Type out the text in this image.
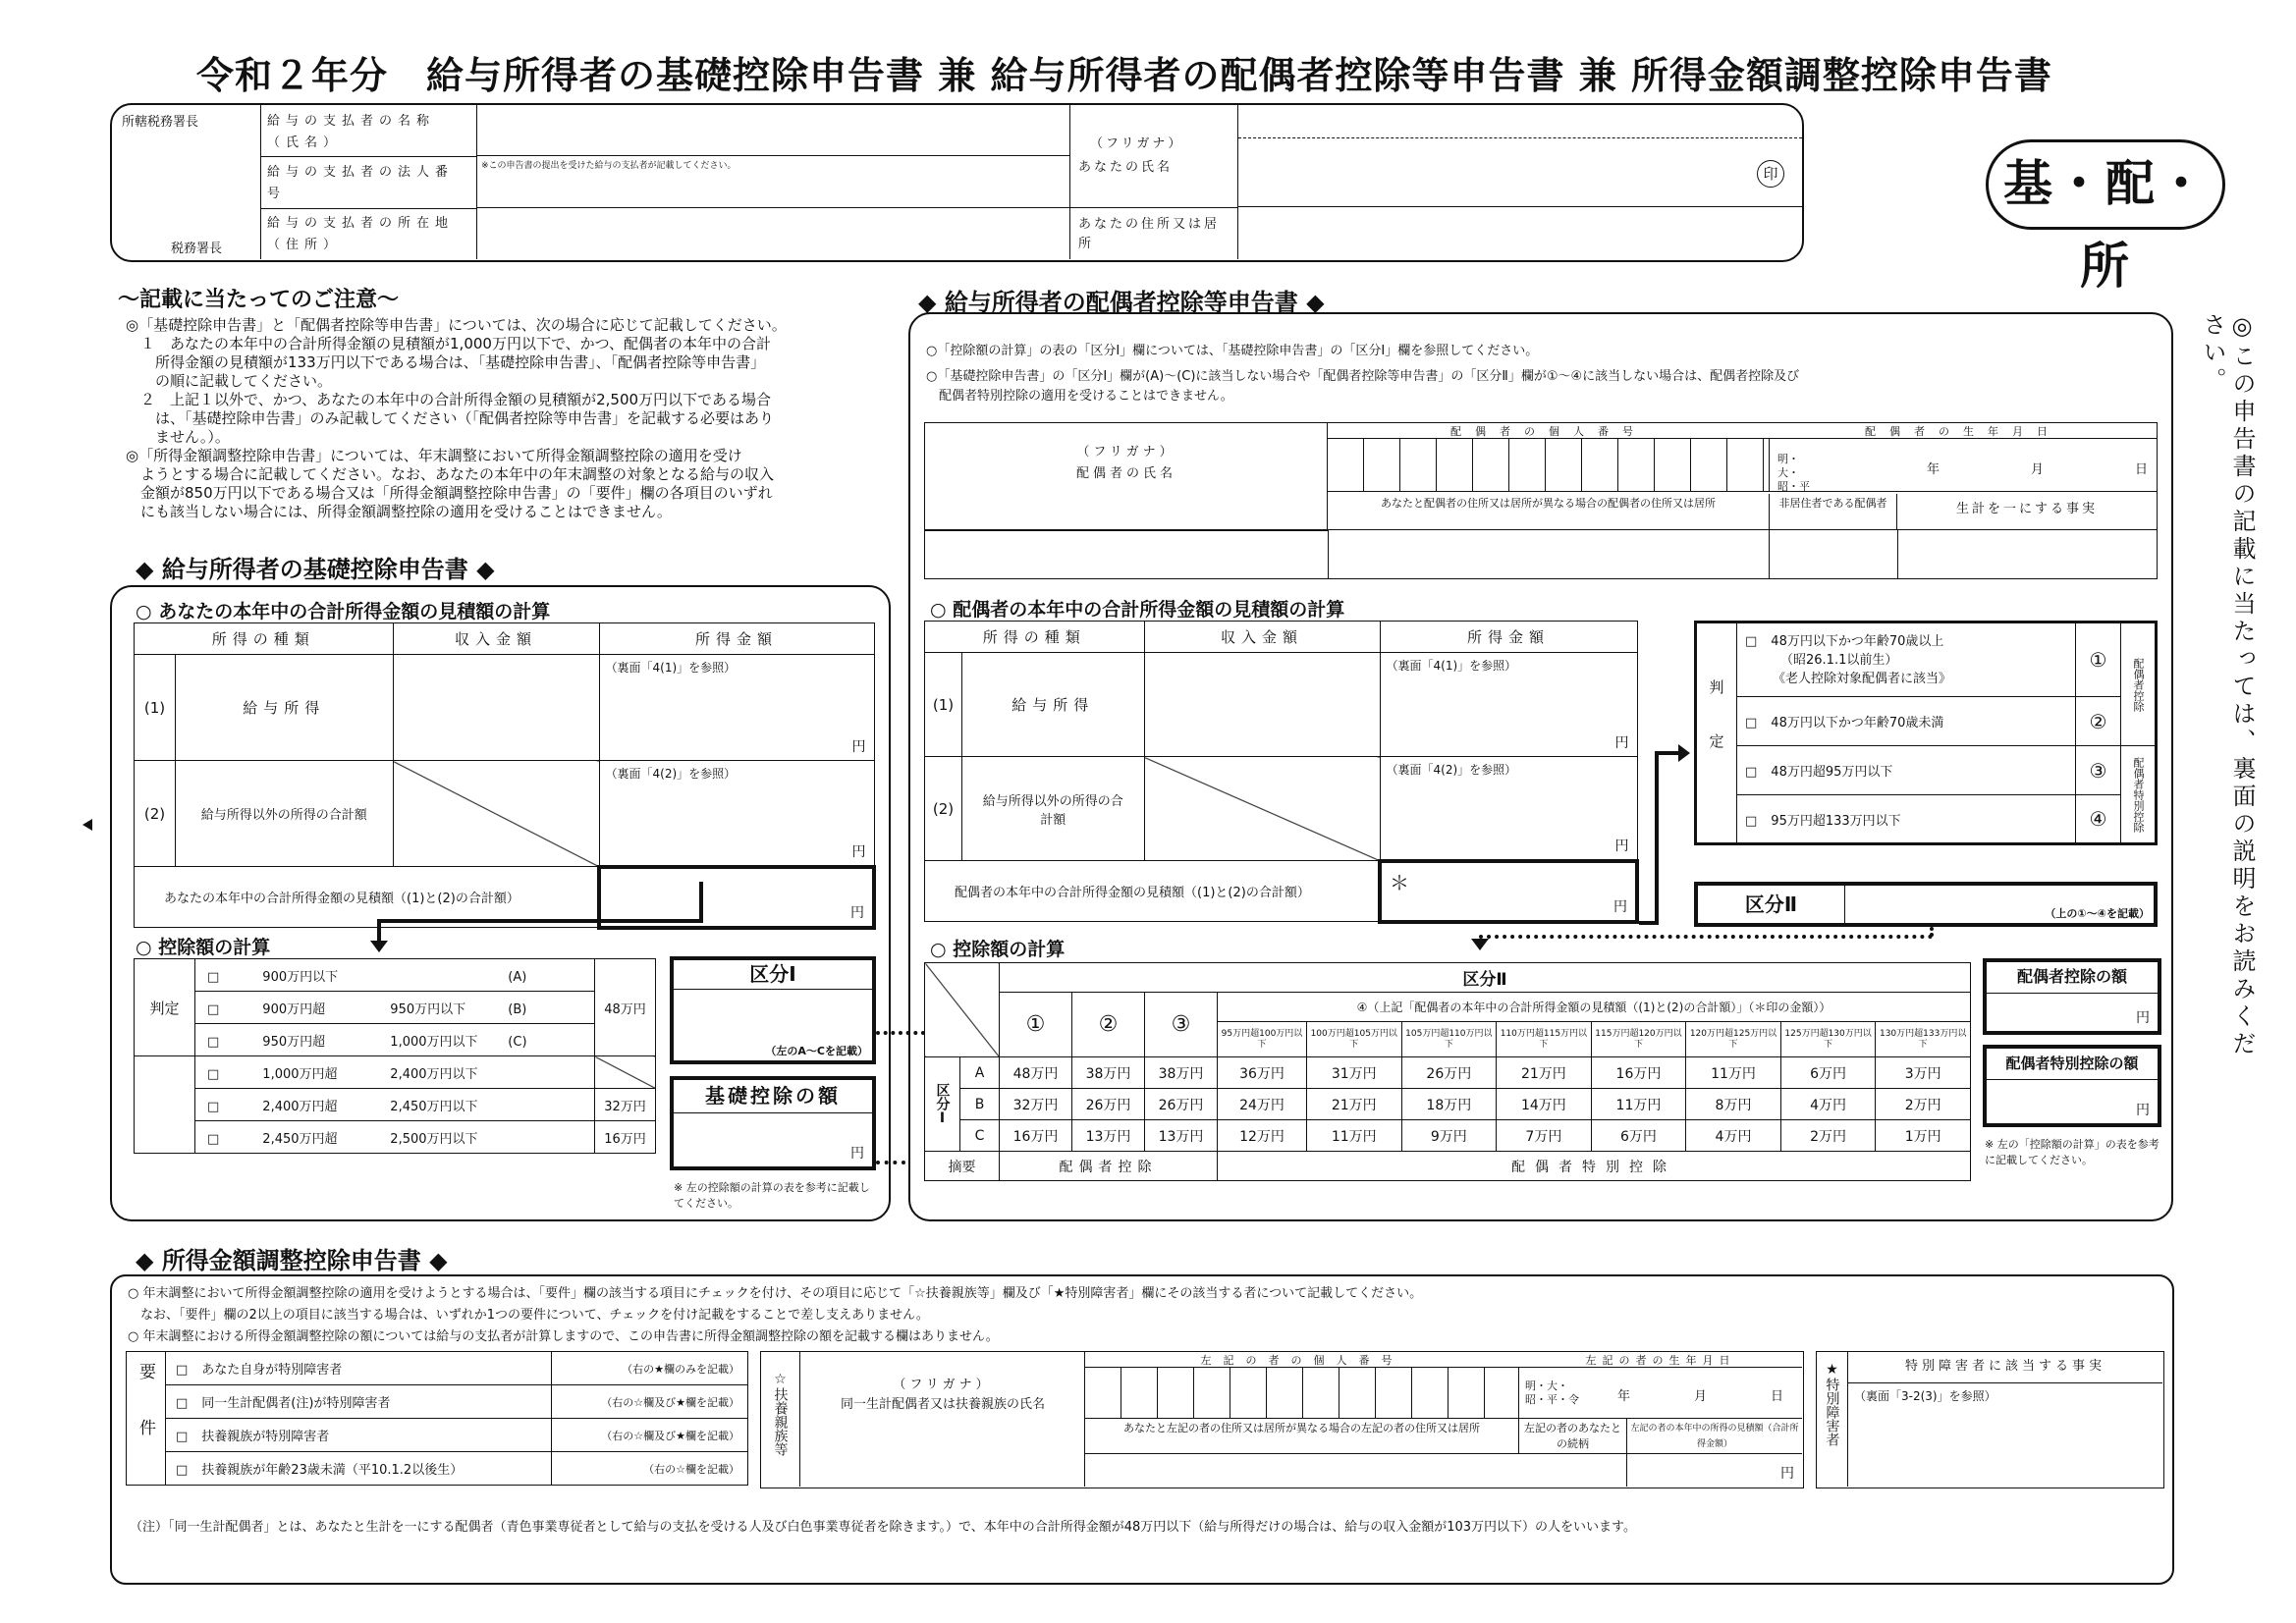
令和２年分　給与所得者の基礎控除申告書 兼 給与所得者の配偶者控除等申告書 兼 所得金額調整控除申告書
所轄税務署長
税務署長
給与の支払者の名称（氏名）
給与の支払者の法人番号
給与の支払者の所在地（住所）
※この申告書の提出を受けた給与の支払者が記載してください。
（フリガナ）
あなたの氏名
あなたの住所又は居所
印	基・配・所
～記載に当たってのご注意～
◎「基礎控除申告書」と「配偶者控除等申告書」については、次の場合に応じて記載してください。
　１　あなたの本年中の合計所得金額の見積額が1,000万円以下で、かつ、配偶者の本年中の合計
　　所得金額の見積額が133万円以下である場合は、「基礎控除申告書」、「配偶者控除等申告書」
　　の順に記載してください。
　２　上記１以外で、かつ、あなたの本年中の合計所得金額の見積額が2,500万円以下である場合
　　は、「基礎控除申告書」のみ記載してください（「配偶者控除等申告書」を記載する必要はあり
　　ません。）。
◎「所得金額調整控除申告書」については、年末調整において所得金額調整控除の適用を受け
　ようとする場合に記載してください。なお、あなたの本年中の年末調整の対象となる給与の収入
　金額が850万円以下である場合又は「所得金額調整控除申告書」の「要件」欄の各項目のいずれ
　にも該当しない場合には、所得金額調整控除の適用を受けることはできません。	◎この申告書の記載に当たっては、裏面の説明をお読みください。
◆ 給与所得者の基礎控除申告書 ◆
○ あなたの本年中の合計所得金額の見積額の計算
所得の種類		収入金額	所得金額
(1)	給与所得		（裏面「4(1)」を参照）
円

(2)	給与所得以外の所得の合計額		（裏面「4(2)」を参照）
円

あなたの本年中の合計所得金額の見積額（(1)と(2)の合計額）			円
○ 控除額の計算
判定	□ 900万円以下 (A)	48万円
□ 900万円超 950万円以下 (B)
□ 950万円超 1,000万円以下 (C)
	□ 1,000万円超 2,400万円以下	
□ 2,400万円超 2,450万円以下	32万円
□ 2,450万円超 2,500万円以下	16万円
区分Ⅰ
（左のA～Cを記載）
基礎控除の額
円
※ 左の控除額の計算の表を参考に記載してください。
◆ 給与所得者の配偶者控除等申告書 ◆
○「控除額の計算」の表の「区分Ⅰ」欄については、「基礎控除申告書」の「区分Ⅰ」欄を参照してください。
○「基礎控除申告書」の「区分Ⅰ」欄が(A)～(C)に該当しない場合や「配偶者控除等申告書」の「区分Ⅱ」欄が①～④に該当しない場合は、配偶者控除及び
　配偶者特別控除の適用を受けることはできません。
（フリガナ）
配偶者の氏名
配偶者の個人番号
あなたと配偶者の住所又は居所が異なる場合の配偶者の住所又は居所
配偶者の生年月日
明・大・昭・平
年　月　日
非居住者である配偶者	生計を一にする事実
○ 配偶者の本年中の合計所得金額の見積額の計算
所得の種類		収入金額	所得金額
(1)	給与所得		（裏面「4(1)」を参照）
円

(2)	給与所得以外の所得の合計額		（裏面「4(2)」を参照）
円

配偶者の本年中の合計所得金額の見積額（(1)と(2)の合計額）			＊
円
判定
	□ 48万円以下かつ年齢70歳以上
（昭26.1.1以前生）
《老人控除対象配偶者に該当》	①	配偶者控除

□ 48万円以下かつ年齢70歳未満	②	
□ 48万円超95万円以下	③	配偶者特別控除

□ 95万円超133万円以下	④	
区分Ⅱ	（上の①～④を記載）
○ 控除額の計算
		区分Ⅱ										
		①	②	③	④（上記「配偶者の本年中の合計所得金額の見積額（(1)と(2)の合計額）」（＊印の金額））							
					95万円超100万円以下	100万円超105万円以下	105万円超110万円以下	110万円超115万円以下	115万円超120万円以下	120万円超125万円以下	125万円超130万円以下	130万円超133万円以下

区分Ⅰ	A	48万円	38万円	38万円	36万円	31万円	26万円	21万円	16万円	11万円	6万円	3万円
	B	32万円	26万円	26万円	24万円	21万円	18万円	14万円	11万円	8万円	4万円	2万円
	C	16万円	13万円	13万円	12万円	11万円	9万円	7万円	6万円	4万円	2万円	1万円
摘要		配偶者控除			配偶者特別控除							
配偶者控除の額
円
配偶者特別控除の額
円
※ 左の「控除額の計算」の表を参考に記載してください。
◆ 所得金額調整控除申告書 ◆
○ 年末調整において所得金額調整控除の適用を受けようとする場合は、「要件」欄の該当する項目にチェックを付け、その項目に応じて「☆扶養親族等」欄及び「★特別障害者」欄にその該当する者について記載してください。
　なお、「要件」欄の2以上の項目に該当する場合は、いずれか1つの要件について、チェックを付け記載をすることで差し支えありません。
○ 年末調整における所得金額調整控除の額については給与の支払者が計算しますので、この申告書に所得金額調整控除の額を記載する欄はありません。
要件
	□あなた自身が特別障害者	（右の★欄のみを記載）
□ 同一生計配偶者(注)が特別障害者	（右の☆欄及び★欄を記載）
□ 扶養親族が特別障害者	（右の☆欄及び★欄を記載）
□ 扶養親族が年齢23歳未満（平10.1.2以後生）	（右の☆欄を記載）
☆扶養親族等	（フリガナ）
同一生計配偶者又は扶養親族の氏名
左記の者の個人番号
あなたと左記の者の住所又は居所が異なる場合の左記の者の住所又は居所
左記の者の生年月日
明・大・昭・平・令	年　月　日
左記の者のあなたとの続柄
左記の者の本年中の所得の見積額（合計所得金額）
円
★特別障害者	特別障害者に該当する事実
（裏面「3-2(3)」を参照）
（注）「同一生計配偶者」とは、あなたと生計を一にする配偶者（青色事業専従者として給与の支払を受ける人及び白色事業専従者を除きます。）で、本年中の合計所得金額が48万円以下（給与所得だけの場合は、給与の収入金額が103万円以下）の人をいいます。
